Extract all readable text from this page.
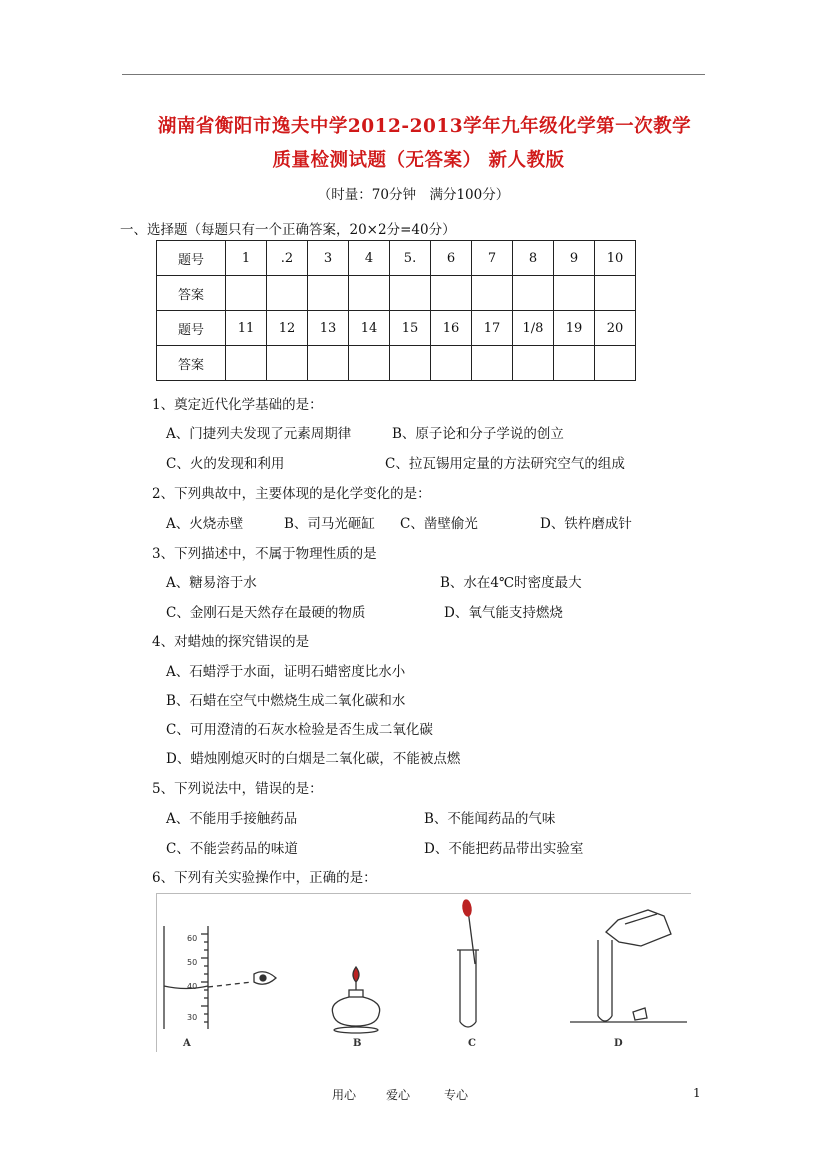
湖南省衡阳市逸夫中学2012-2013学年九年级化学第一次教学
质量检测试题（无答案） 新人教版
（时量：70分钟　满分100分）
一、选择题（每题只有一个正确答案，20×2分=40分）
题号	1	.2	3	4	5.	6	7	8	9	10
答案										
题号	11	12	13	14	15	16	17	1/8	19	20
答案										
1、奠定近代化学基础的是：
A、门捷列夫发现了元素周期律	B、原子论和分子学说的创立
C、火的发现和利用	C、拉瓦锡用定量的方法研究空气的组成
2、下列典故中，主要体现的是化学变化的是：
A、火烧赤壁	B、司马光砸缸 C、凿壁偷光	D、铁杵磨成针
3、下列描述中，不属于物理性质的是
A、糖易溶于水	B、水在4℃时密度最大
C、金刚石是天然存在最硬的物质	D、氧气能支持燃烧
4、对蜡烛的探究错误的是
A、石蜡浮于水面，证明石蜡密度比水小
B、石蜡在空气中燃烧生成二氧化碳和水
C、可用澄清的石灰水检验是否生成二氧化碳
D、蜡烛刚熄灭时的白烟是二氧化碳，不能被点燃
5、下列说法中，错误的是：
A、不能用手接触药品	B、不能闻药品的气味
C、不能尝药品的味道	D、不能把药品带出实验室
6、下列有关实验操作中，正确的是：
60
50
40
30
A	B	C	D
用心 爱心	专心	1
